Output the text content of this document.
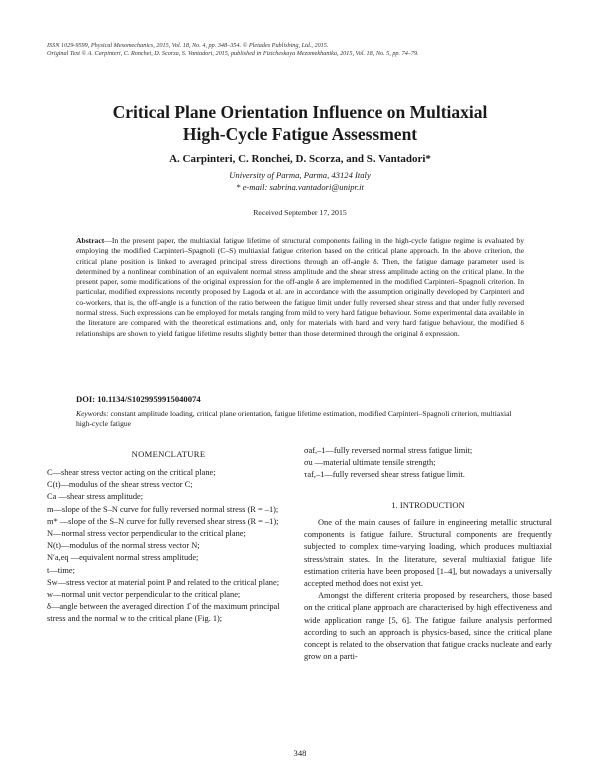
ISSN 1029-9599, Physical Mesomechanics, 2015, Vol. 18, No. 4, pp. 348–354. © Pleiades Publishing, Ltd., 2015.
Original Text © A. Carpinteri, C. Ronchei, D. Scorza, S. Vantadori, 2015, published in Fizicheskaya Mezomekhanika, 2015, Vol. 18, No. 5, pp. 74–79.
Critical Plane Orientation Influence on Multiaxial
High-Cycle Fatigue Assessment
A. Carpinteri, C. Ronchei, D. Scorza, and S. Vantadori*
University of Parma, Parma, 43124 Italy
* e-mail: sabrina.vantadori@unipr.it
Received September 17, 2015
Abstract—In the present paper, the multiaxial fatigue lifetime of structural components failing in the high-cycle fatigue regime is evaluated by employing the modified Carpinteri–Spagnoli (C–S) multiaxial fatigue criterion based on the critical plane approach. In the above criterion, the critical plane position is linked to averaged principal stress directions through an off-angle δ. Then, the fatigue damage parameter used is determined by a nonlinear combination of an equivalent normal stress amplitude and the shear stress amplitude acting on the critical plane. In the present paper, some modifications of the original expression for the off-angle δ are implemented in the modified Carpinteri–Spagnoli criterion. In particular, modified expressions recently proposed by Lagoda et al. are in accordance with the assumption originally developed by Carpinteri and co-workers, that is, the off-angle is a function of the ratio between the fatigue limit under fully reversed shear stress and that under fully reversed normal stress. Such expressions can be employed for metals ranging from mild to very hard fatigue behaviour. Some experimental data available in the literature are compared with the theoretical estimations and, only for materials with hard and very hard fatigue behaviour, the modified δ relationships are shown to yield fatigue lifetime results slightly better than those determined through the original δ expression.
DOI: 10.1134/S1029959915040074
Keywords: constant amplitude loading, critical plane orientation, fatigue lifetime estimation, modified Carpinteri–Spagnoli criterion, multiaxial high-cycle fatigue
NOMENCLATURE
C—shear stress vector acting on the critical plane;
C(t)—modulus of the shear stress vector C;
Ca —shear stress amplitude;
m—slope of the S–N curve for fully reversed normal stress (R = –1);
m* —slope of the S–N curve for fully reversed shear stress (R = –1);
N—normal stress vector perpendicular to the critical plane;
N(t)—modulus of the normal stress vector N;
N′a,eq —equivalent normal stress amplitude;
t—time;
Sw—stress vector at material point P and related to the critical plane;
w—normal unit vector perpendicular to the critical plane;
δ—angle between the averaged direction 1̂ of the maximum principal stress and the normal w to the critical plane (Fig. 1);
σaf,–1—fully reversed normal stress fatigue limit;
σu —material ultimate tensile strength;
τaf,–1—fully reversed shear stress fatigue limit.
1. INTRODUCTION

One of the main causes of failure in engineering metallic structural components is fatigue failure. Structural components are frequently subjected to complex time-varying loading, which produces multiaxial stress/strain states. In the literature, several multiaxial fatigue life estimation criteria have been proposed [1–4], but nowadays a universally accepted method does not exist yet.

Amongst the different criteria proposed by researchers, those based on the critical plane approach are characterised by high effectiveness and wide application range [5, 6]. The fatigue failure analysis performed according to such an approach is physics-based, since the critical plane concept is related to the observation that fatigue cracks nucleate and early grow on a parti-

348
